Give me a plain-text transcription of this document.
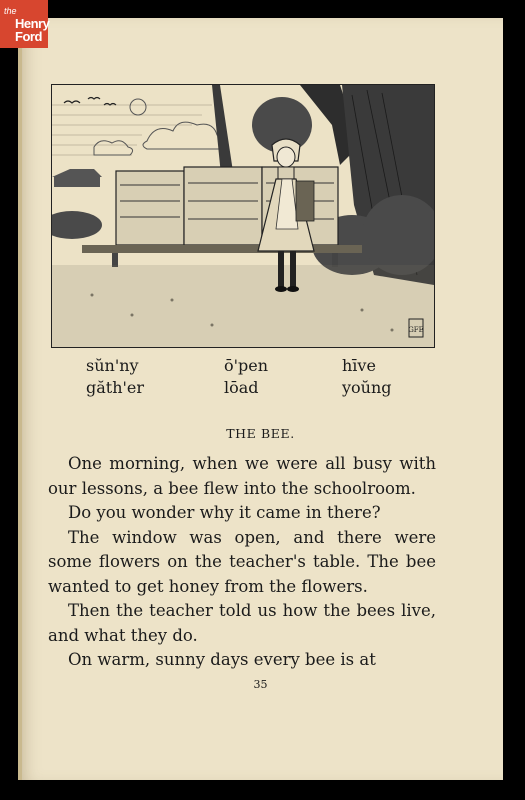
the
Henry
Ford
GFE
sŭn'ny	ō'pen	hīve
găth'er	lōad	yoŭng
THE BEE.

One morning, when we were all busy with our lessons, a bee flew into the schoolroom.

Do you wonder why it came in there?

The window was open, and there were some flowers on the teacher's table. The bee wanted to get honey from the flowers.

Then the teacher told us how the bees live, and what they do.

On warm, sunny days every bee is at

35
